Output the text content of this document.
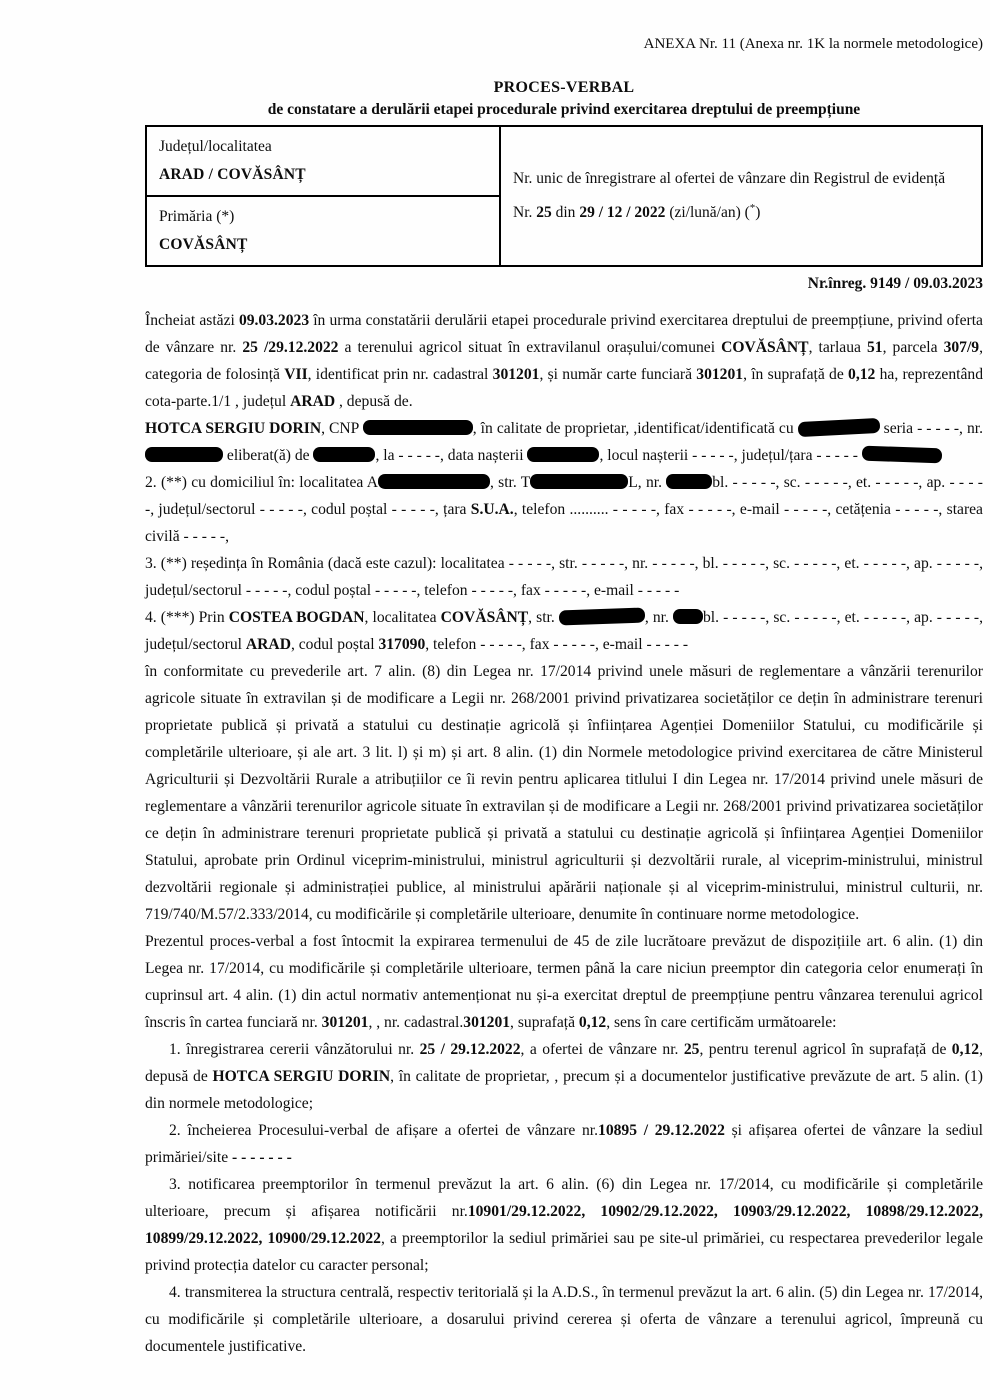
ANEXA Nr. 11 (Anexa nr. 1K la normele metodologice)
PROCES-VERBAL
de constatare a derulării etapei procedurale privind exercitarea dreptului de preempțiune
Județul/localitatea
ARAD / COVĂSÂNȚ	Nr. unic de înregistrare al ofertei de vânzare din Registrul de evidență
Nr. 25 din 29 / 12 / 2022 (zi/lună/an) (*)

Primăria (*)
COVĂSÂNȚ
Nr.înreg. 9149 / 09.03.2023

Încheiat astăzi 09.03.2023 în urma constatării derulării etapei procedurale privind exercitarea dreptului de preempțiune, privind oferta de vânzare nr. 25 /29.12.2022 a terenului agricol situat în extravilanul orașului/comunei COVĂSÂNȚ, tarlaua 51, parcela 307/9, categoria de folosință VII, identificat prin nr. cadastral 301201, și număr carte funciară 301201, în suprafață de 0,12 ha, reprezentând cota-parte.1/1 , județul ARAD , depusă de.

HOTCA SERGIU DORIN, CNP	, în calitate de proprietar, ,identificat/identificată cu	seria - - - - -, nr.  eliberat(ă) de	, la - - - - -, data nașterii	, locul nașterii - - - - -, județul/țara - - - - -

2. (**) cu domiciliul în: localitatea A	, str. T	L, nr.	bl. - - - - -, sc. - - - - -, et. - - - - -, ap. - - - - -, județul/sectorul - - - - -, codul poștal - - - - -, țara S.U.A., telefon .......... - - - - -, fax - - - - -, e-mail - - - - -, cetățenia - - - - -, starea civilă - - - - -,

3. (**) reședința în România (dacă este cazul): localitatea - - - - -, str. - - - - -, nr. - - - - -, bl. - - - - -, sc. - - - - -, et. - - - - -, ap. - - - - -, județul/sectorul - - - - -, codul poștal - - - - -, telefon - - - - -, fax - - - - -, e-mail - - - - -

4. (***) Prin COSTEA BOGDAN, localitatea COVĂSÂNȚ, str.	, nr. bl. - - - - -, sc. - - - - -, et. - - - - -, ap. - - - - -, județul/sectorul ARAD, codul poștal 317090, telefon - - - - -, fax - - - - -, e-mail - - - - -

în conformitate cu prevederile art. 7 alin. (8) din Legea nr. 17/2014 privind unele măsuri de reglementare a vânzării terenurilor agricole situate în extravilan și de modificare a Legii nr. 268/2001 privind privatizarea societăților ce dețin în administrare terenuri proprietate publică și privată a statului cu destinație agricolă și înființarea Agenției Domeniilor Statului, cu modificările și completările ulterioare, și ale art. 3 lit. l) și m) și art. 8 alin. (1) din Normele metodologice privind exercitarea de către Ministerul Agriculturii și Dezvoltării Rurale a atribuțiilor ce îi revin pentru aplicarea titlului I din Legea nr. 17/2014 privind unele măsuri de reglementare a vânzării terenurilor agricole situate în extravilan și de modificare a Legii nr. 268/2001 privind privatizarea societăților ce dețin în administrare terenuri proprietate publică și privată a statului cu destinație agricolă și înființarea Agenției Domeniilor Statului, aprobate prin Ordinul viceprim-ministrului, ministrul agriculturii și dezvoltării rurale, al viceprim-ministrului, ministrul dezvoltării regionale și administrației publice, al ministrului apărării naționale și al viceprim-ministrului, ministrul culturii, nr. 719/740/M.57/2.333/2014, cu modificările și completările ulterioare, denumite în continuare norme metodologice.

Prezentul proces-verbal a fost întocmit la expirarea termenului de 45 de zile lucrătoare prevăzut de dispozițiile art. 6 alin. (1) din Legea nr. 17/2014, cu modificările și completările ulterioare, termen până la care niciun preemptor din categoria celor enumerați în cuprinsul art. 4 alin. (1) din actul normativ antemenționat nu și-a exercitat dreptul de preempțiune pentru vânzarea terenului agricol înscris în cartea funciară nr. 301201, , nr. cadastral.301201, suprafață 0,12, sens în care certificăm următoarele:

1. înregistrarea cererii vânzătorului nr. 25 / 29.12.2022, a ofertei de vânzare nr. 25, pentru terenul agricol în suprafață de 0,12, depusă de HOTCA SERGIU DORIN, în calitate de proprietar, , precum și a documentelor justificative prevăzute de art. 5 alin. (1) din normele metodologice;

2. încheierea Procesului-verbal de afișare a ofertei de vânzare nr.10895 / 29.12.2022 și afișarea ofertei de vânzare la sediul primăriei/site - - - - - - -

3. notificarea preemptorilor în termenul prevăzut la art. 6 alin. (6) din Legea nr. 17/2014, cu modificările și completările ulterioare, precum și afișarea notificării nr.10901/29.12.2022, 10902/29.12.2022, 10903/29.12.2022, 10898/29.12.2022, 10899/29.12.2022, 10900/29.12.2022, a preemptorilor la sediul primăriei sau pe site-ul primăriei, cu respectarea prevederilor legale privind protecția datelor cu caracter personal;

4. transmiterea la structura centrală, respectiv teritorială și la A.D.S., în termenul prevăzut la art. 6 alin. (5) din Legea nr. 17/2014, cu modificările și completările ulterioare, a dosarului privind cererea și oferta de vânzare a terenului agricol, împreună cu documentele justificative.
